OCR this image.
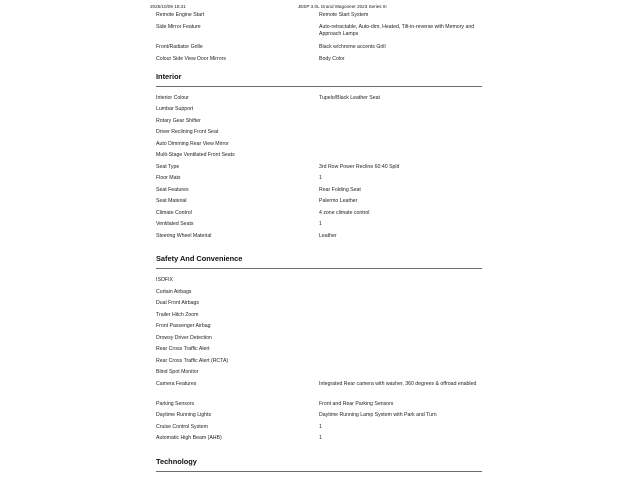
2025/10/09 18:31	JEEP 3.0L Grand Wagoneer 2023 Series III
Remote Engine Start	Remote Start System
Side Mirror Feature	Auto-retractable, Auto-dim, Heated, Tilt-in-reverse with Memory and Approach Lamps
Front/Radiator Grille	Black w/chrome accents Grill
Colour Side View Door Mirrors	Body Color
Interior
Interior Colour	Tupelo/Black Leather Seat
Lumbar Support
Rotary Gear Shifter
Driver Reclining Front Seat
Auto Dimming Rear View Mirror
Multi-Stage Ventilated Front Seats
Seat Type	3rd Row Power Recline 60:40 Split
Floor Mats	1
Seat Features	Rear Folding Seat
Seat Material	Palermo Leather
Climate Control	4 zone climate control
Ventilated Seats	1
Steering Wheel Material	Leather
Safety And Convenience
ISOFIX
Curtain Airbags
Dual Front Airbags
Trailer Hitch Zoom
Front Passenger Airbag
Drowsy Driver Detection
Rear Cross Traffic Alert
Rear Cross Traffic Alert (RCTA)
Blind Spot Monitor
Camera Features	Integrated Rear camera with washer, 360 degrees & offroad enabled
Parking Sensors	Front and Rear Parking Sensors
Daytime Running Lights	Daytime Running Lamp System with Park and Turn
Cruise Control System	1
Automatic High Beam (AHB)	1
Technology
